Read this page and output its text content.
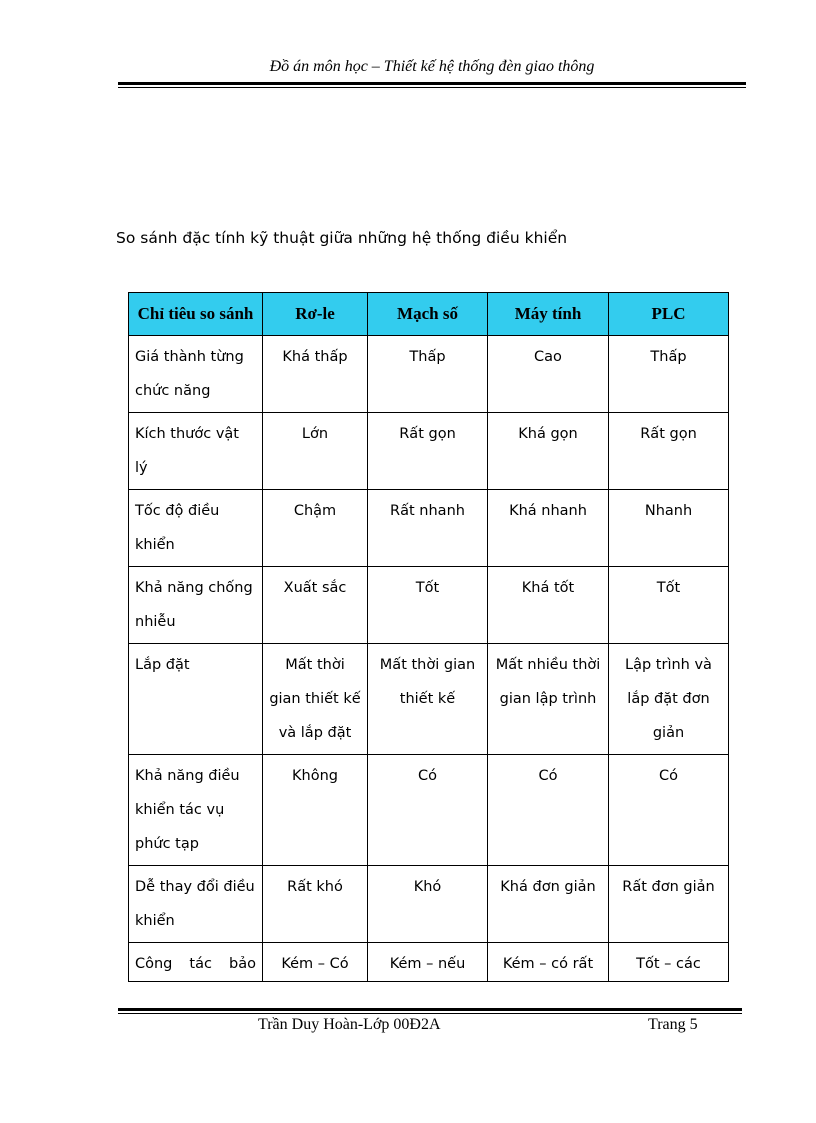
Đồ án môn học – Thiết kế hệ thống đèn giao thông
So sánh đặc tính kỹ thuật giữa những hệ thống điều khiển
Chỉ tiêu so sánh	Rơ-le	Mạch số	Máy tính	PLC
Giá thành từng chức năng	Khá thấp	Thấp	Cao	Thấp
Kích thước vật lý	Lớn	Rất gọn	Khá gọn	Rất gọn
Tốc độ điều khiển	Chậm	Rất nhanh	Khá nhanh	Nhanh
Khả năng chống nhiễu	Xuất sắc	Tốt	Khá tốt	Tốt
Lắp đặt	Mất thời gian thiết kế và lắp đặt	Mất thời gian thiết kế	Mất nhiều thời gian lập trình	Lập trình và lắp đặt đơn giản
Khả năng điều khiển tác vụ phức tạp	Không	Có	Có	Có
Dễ thay đổi điều khiển	Rất khó	Khó	Khá đơn giản	Rất đơn giản
Công tác bảo	Kém – Có	Kém – nếu	Kém – có rất	Tốt – các
Trần Duy Hoàn-Lớp 00Đ2A	Trang 5
